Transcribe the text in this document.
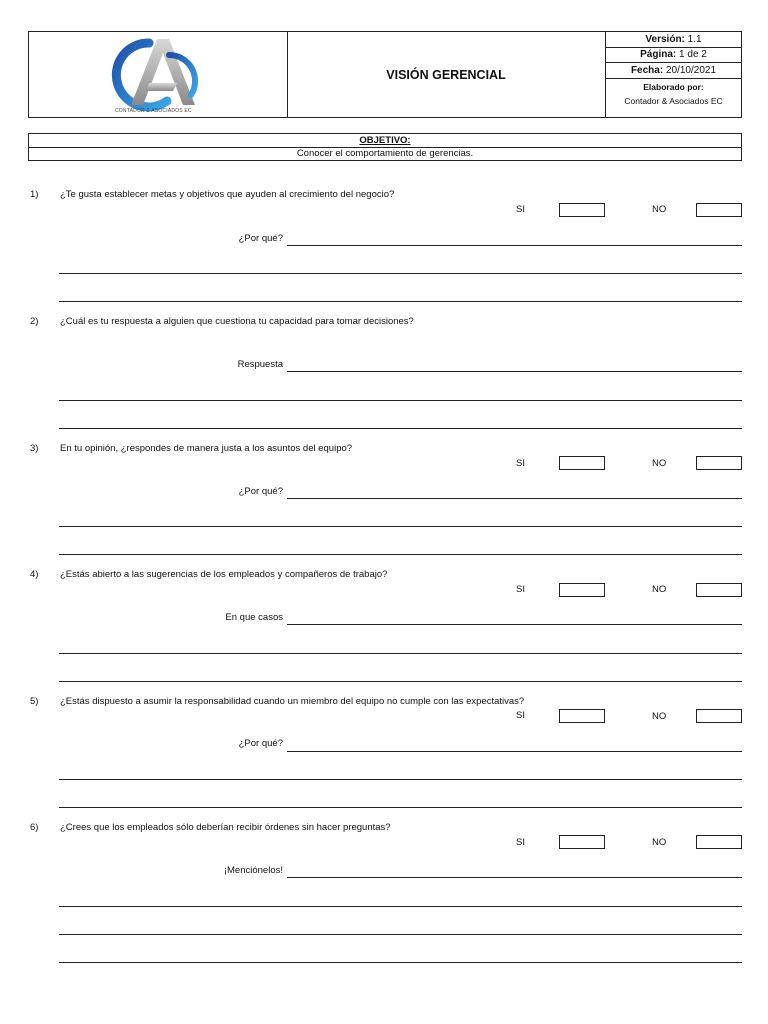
CONTADOR & ASOCIADOS EC
VISIÓN GERENCIAL
Versión: 1.1
Página: 1 de 2
Fecha: 20/10/2021
Elaborado por:
Contador & Asociados EC
OBJETIVO:
Conocer el comportamiento de gerencias.
1) ¿Te gusta establecer metas y objetivos que ayuden al crecimiento del negocio?
SI	NO
¿Por qué?
2) ¿Cuál es tu respuesta a alguien que cuestiona tu capacidad para tomar decisiones?
Respuesta
3) En tu opinión, ¿respondes de manera justa a los asuntos del equipo?
SI	NO
¿Por qué?
4) ¿Estás abierto a las sugerencias de los empleados y compañeros de trabajo?
SI	NO
En que casos
5) ¿Estás dispuesto a asumir la responsabilidad cuando un miembro del equipo no cumple con las expectativas?
SI	NO
¿Por qué?
6) ¿Crees que los empleados sólo deberían recibir órdenes sin hacer preguntas?
SI	NO
¡Menciónelos!
